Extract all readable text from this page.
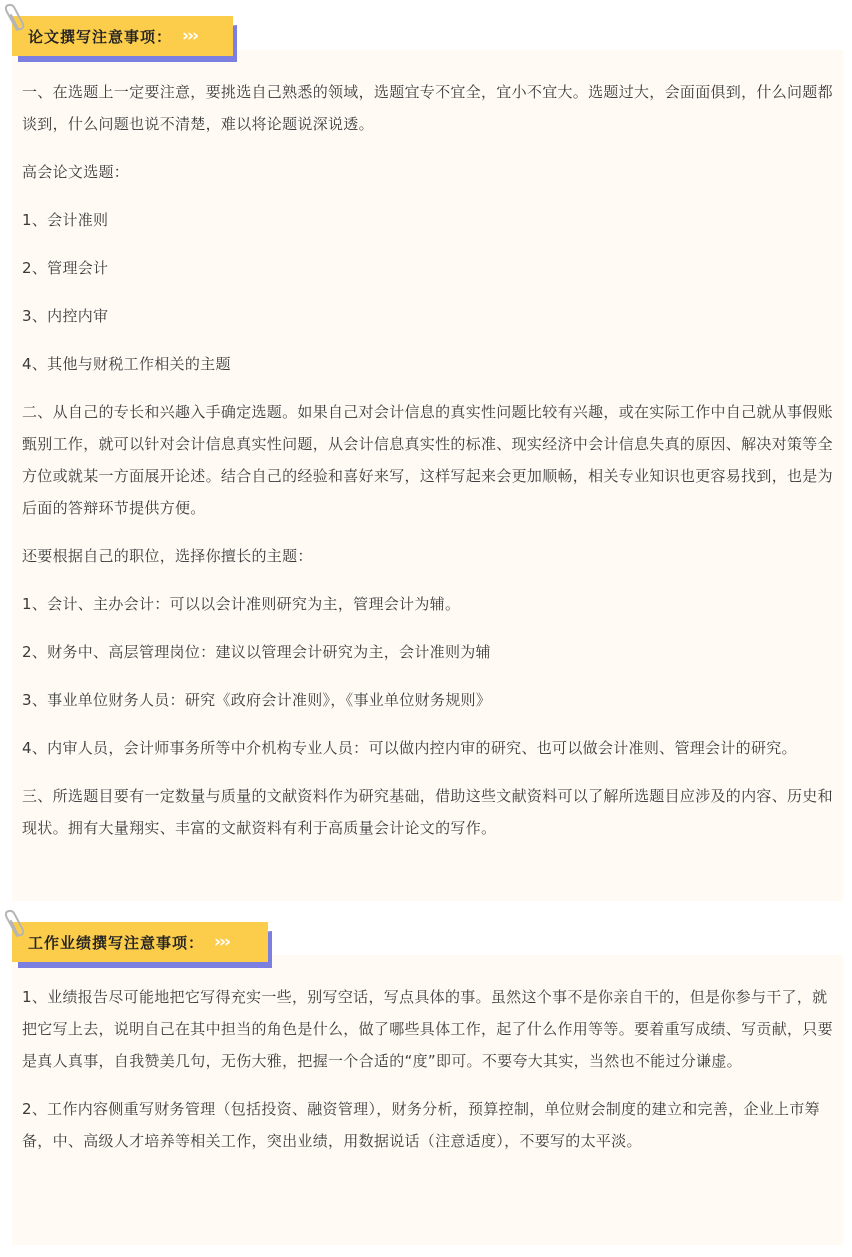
一、在选题上一定要注意，要挑选自己熟悉的领域，选题宜专不宜全，宜小不宜大。选题过大，会面面俱到，什么问题都谈到，什么问题也说不清楚，难以将论题说深说透。

高会论文选题：

1、会计准则

2、管理会计

3、内控内审

4、其他与财税工作相关的主题

二、从自己的专长和兴趣入手确定选题。如果自己对会计信息的真实性问题比较有兴趣，或在实际工作中自己就从事假账甄别工作，就可以针对会计信息真实性问题，从会计信息真实性的标准、现实经济中会计信息失真的原因、解决对策等全方位或就某一方面展开论述。结合自己的经验和喜好来写，这样写起来会更加顺畅，相关专业知识也更容易找到，也是为后面的答辩环节提供方便。

还要根据自己的职位，选择你擅长的主题：

1、会计、主办会计：可以以会计准则研究为主，管理会计为辅。

2、财务中、高层管理岗位：建议以管理会计研究为主，会计准则为辅

3、事业单位财务人员：研究《政府会计准则》，《事业单位财务规则》

4、内审人员，会计师事务所等中介机构专业人员：可以做内控内审的研究、也可以做会计准则、管理会计的研究。

三、所选题目要有一定数量与质量的文献资料作为研究基础，借助这些文献资料可以了解所选题目应涉及的内容、历史和现状。拥有大量翔实、丰富的文献资料有利于高质量会计论文的写作。

论文撰写注意事项： ›››

1、业绩报告尽可能地把它写得充实一些，别写空话，写点具体的事。虽然这个事不是你亲自干的，但是你参与干了，就把它写上去，说明自己在其中担当的角色是什么，做了哪些具体工作，起了什么作用等等。要着重写成绩、写贡献，只要是真人真事，自我赞美几句，无伤大雅，把握一个合适的“度”即可。不要夸大其实，当然也不能过分谦虚。

2、工作内容侧重写财务管理（包括投资、融资管理），财务分析，预算控制，单位财会制度的建立和完善，企业上市筹备，中、高级人才培养等相关工作，突出业绩，用数据说话（注意适度），不要写的太平淡。

工作业绩撰写注意事项： ›››
